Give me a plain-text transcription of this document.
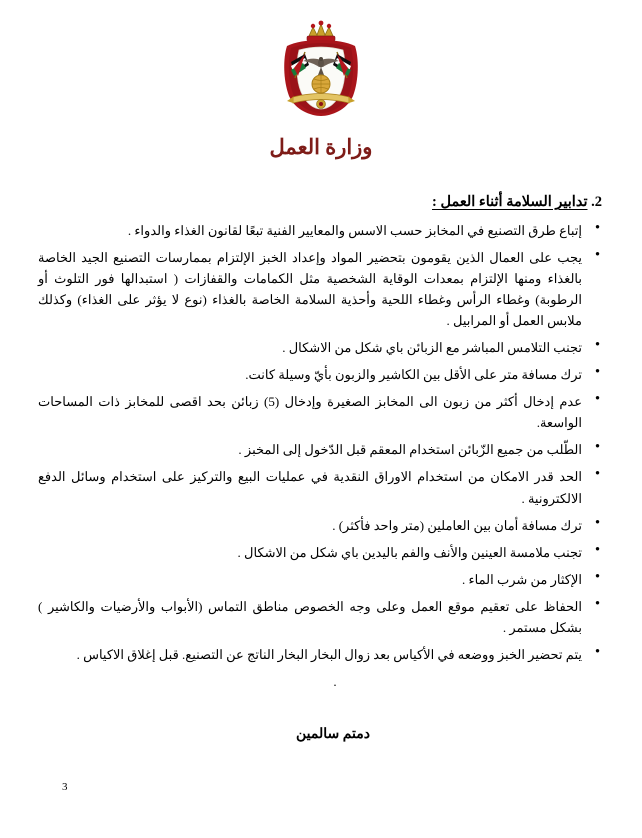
وزارة العمل
2. تدابير السلامة أثناء العمل :
● إتباع طرق التصنيع في المخابز حسب الاسس والمعايير الفنية تبعًا لقانون الغذاء والدواء .
● يجب على العمال الذين يقومون بتحضير المواد وإعداد الخبز الإلتزام بممارسات التصنيع الجيد الخاصة بالغذاء ومنها الإلتزام بمعدات الوقاية الشخصية مثل الكمامات والقفازات ( استبدالها فور التلوث أو الرطوبة) وغطاء الرأس وغطاء اللحية وأحذية السلامة الخاصة بالغذاء (نوع لا يؤثر على الغذاء) وكذلك ملابس العمل أو المرابيل .
● تجنب التلامس المباشر مع الزبائن باي شكل من الاشكال .
● ترك مسافة متر على الأقل بين الكاشير والزبون بأيّ وسيلة كانت.
● عدم إدخال أكثر من زبون الى المخابز الصغيرة وإدخال (5) زبائن بحد اقصى للمخابز ذات المساحات الواسعة.
● الطّلب من جميع الزّبائن استخدام المعقم قبل الدّخول إلى المخبز .
● الحد قدر الامكان من استخدام الاوراق النقدية في عمليات البيع والتركيز على استخدام وسائل الدفع الالكترونية .
● ترك مسافة أمان بين العاملين (متر واحد فأكثر) .
● تجنب ملامسة العينين والأنف والفم باليدين باي شكل من الاشكال .
● الإكثار من شرب الماء .
● الحفاظ على تعقيم موقع العمل وعلى وجه الخصوص مناطق التماس (الأبواب والأرضيات والكاشير ) بشكل مستمر .
● يتم تحضير الخبز ووضعه في الأكياس بعد زوال البخار البخار الناتج عن التصنيع. قبل إغلاق الاكياس .
.
دمتم سالمين
3
